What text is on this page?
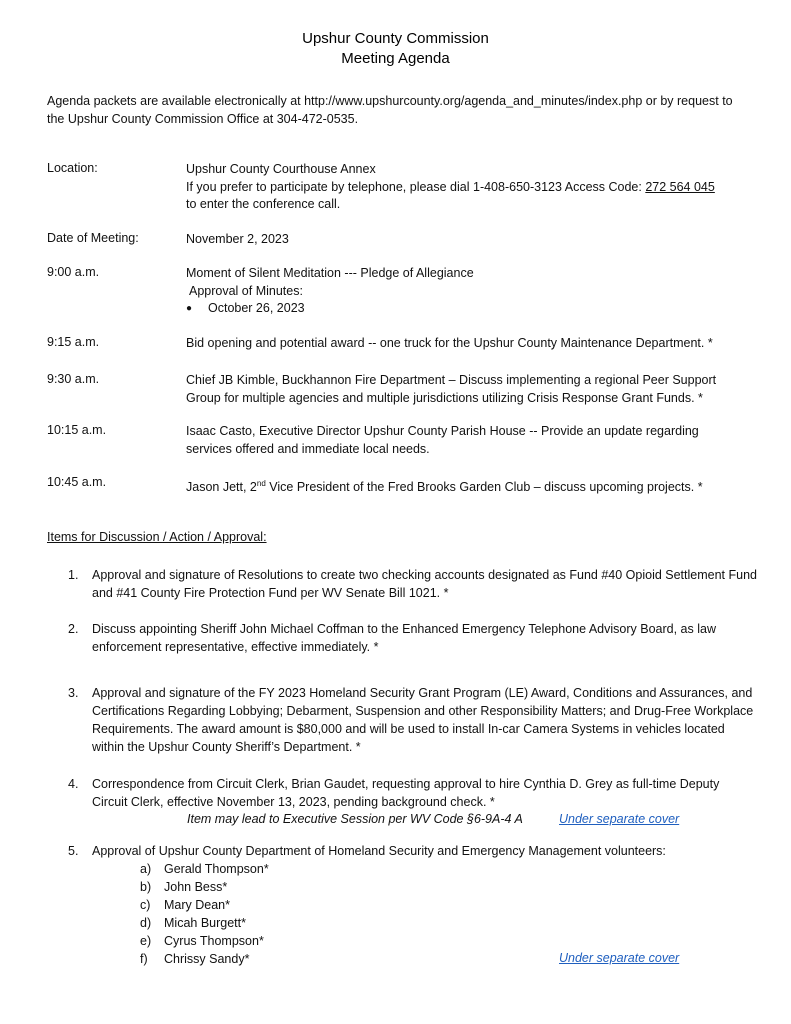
Upshur County Commission
Meeting Agenda
Agenda packets are available electronically at http://www.upshurcounty.org/agenda_and_minutes/index.php or by request to the Upshur County Commission Office at 304-472-0535.
Location:	Upshur County Courthouse Annex
If you prefer to participate by telephone, please dial 1-408-650-3123 Access Code: 272 564 045
to enter the conference call.
Date of Meeting:	November 2, 2023
9:00 a.m.	Moment of Silent Meditation --- Pledge of Allegiance
Approval of Minutes:
●	October 26, 2023
9:15 a.m.	Bid opening and potential award -- one truck for the Upshur County Maintenance Department. *
9:30 a.m.	Chief JB Kimble, Buckhannon Fire Department – Discuss implementing a regional Peer Support Group for multiple agencies and multiple jurisdictions utilizing Crisis Response Grant Funds. *
10:15 a.m.	Isaac Casto, Executive Director Upshur County Parish House -- Provide an update regarding services offered and immediate local needs.
10:45 a.m.	Jason Jett, 2nd Vice President of the Fred Brooks Garden Club – discuss upcoming projects. *
Items for Discussion / Action / Approval:
1.	Approval and signature of Resolutions to create two checking accounts designated as Fund #40 Opioid Settlement Fund and #41 County Fire Protection Fund per WV Senate Bill 1021. *
2.	Discuss appointing Sheriff John Michael Coffman to the Enhanced Emergency Telephone Advisory Board, as law enforcement representative, effective immediately. *
3.	Approval and signature of the FY 2023 Homeland Security Grant Program (LE) Award, Conditions and Assurances, and Certifications Regarding Lobbying; Debarment, Suspension and other Responsibility Matters; and Drug-Free Workplace Requirements. The award amount is $80,000 and will be used to install In-car Camera Systems in vehicles located within the Upshur County Sheriff’s Department. *
4.	Correspondence from Circuit Clerk, Brian Gaudet, requesting approval to hire Cynthia D. Grey as full-time Deputy Circuit Clerk, effective November 13, 2023, pending background check. *
Item may lead to Executive Session per WV Code §6-9A-4 A	Under separate cover
5.	Approval of Upshur County Department of Homeland Security and Emergency Management volunteers:
a)	Gerald Thompson*
b)	John Bess*
c)	Mary Dean*
d)	Micah Burgett*
e)	Cyrus Thompson*
f)	Chrissy Sandy*	Under separate cover
